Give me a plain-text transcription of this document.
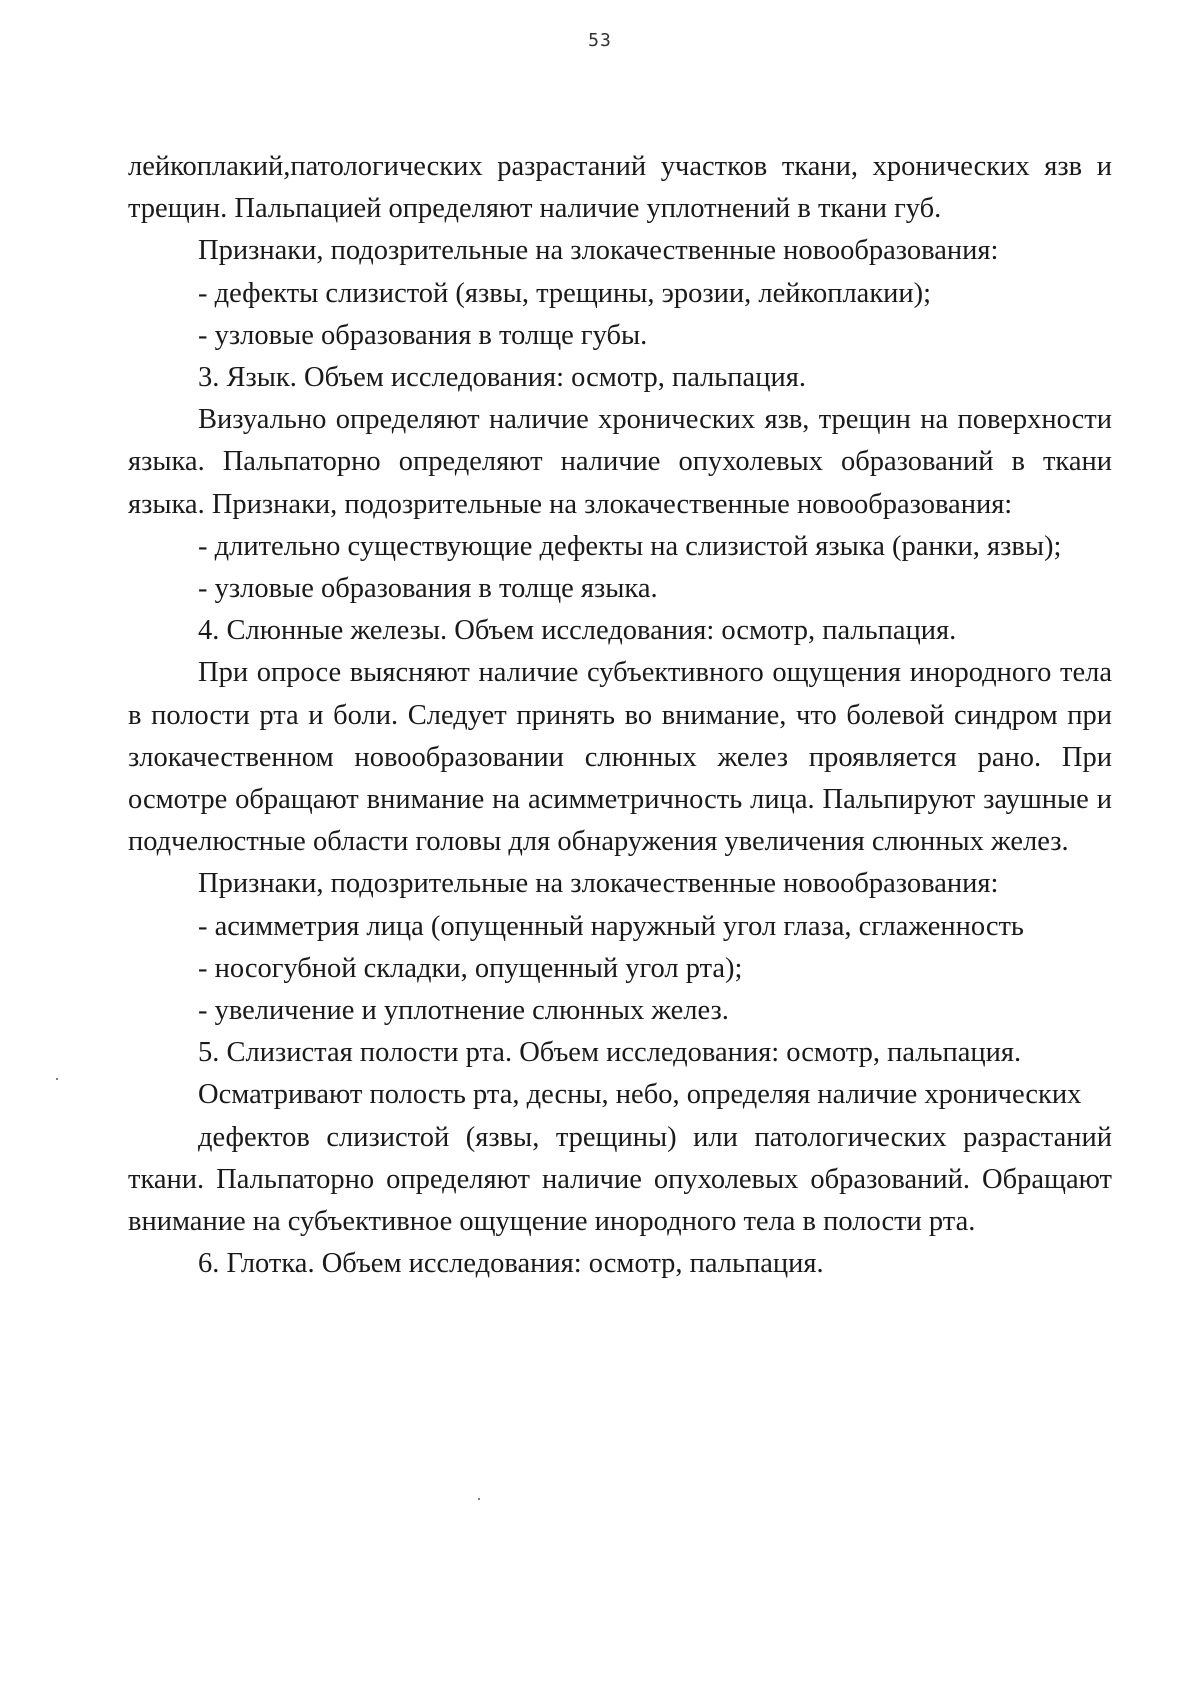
53

лейкоплакий,патологических разрастаний участков ткани, хронических язв и трещин. Пальпацией определяют наличие уплотнений в ткани губ.

Признаки, подозрительные на злокачественные новообразования:

- дефекты слизистой (язвы, трещины, эрозии, лейкоплакии);

- узловые образования в толще губы.

3. Язык. Объем исследования: осмотр, пальпация.

Визуально определяют наличие хронических язв, трещин на поверхности языка. Пальпаторно определяют наличие опухолевых образований в ткани языка. Признаки, подозрительные на злокачественные новообразования:

- длительно существующие дефекты на слизистой языка (ранки, язвы);

- узловые образования в толще языка.

4. Слюнные железы. Объем исследования: осмотр, пальпация.

При опросе выясняют наличие субъективного ощущения инородного тела в полости рта и боли. Следует принять во внимание, что болевой синдром при злокачественном новообразовании слюнных желез проявляется рано. При осмотре обращают внимание на асимметричность лица. Пальпируют заушные и подчелюстные области головы для обнаружения увеличения слюнных желез.

Признаки, подозрительные на злокачественные новообразования:

- асимметрия лица (опущенный наружный угол глаза, сглаженность

- носогубной складки, опущенный угол рта);

- увеличение и уплотнение слюнных желез.

5. Слизистая полости рта. Объем исследования: осмотр, пальпация.

Осматривают полость рта, десны, небо, определяя наличие хронических

дефектов слизистой (язвы, трещины) или патологических разрастаний ткани. Пальпаторно определяют наличие опухолевых образований. Обращают внимание на субъективное ощущение инородного тела в полости рта.

6. Глотка. Объем исследования: осмотр, пальпация.
